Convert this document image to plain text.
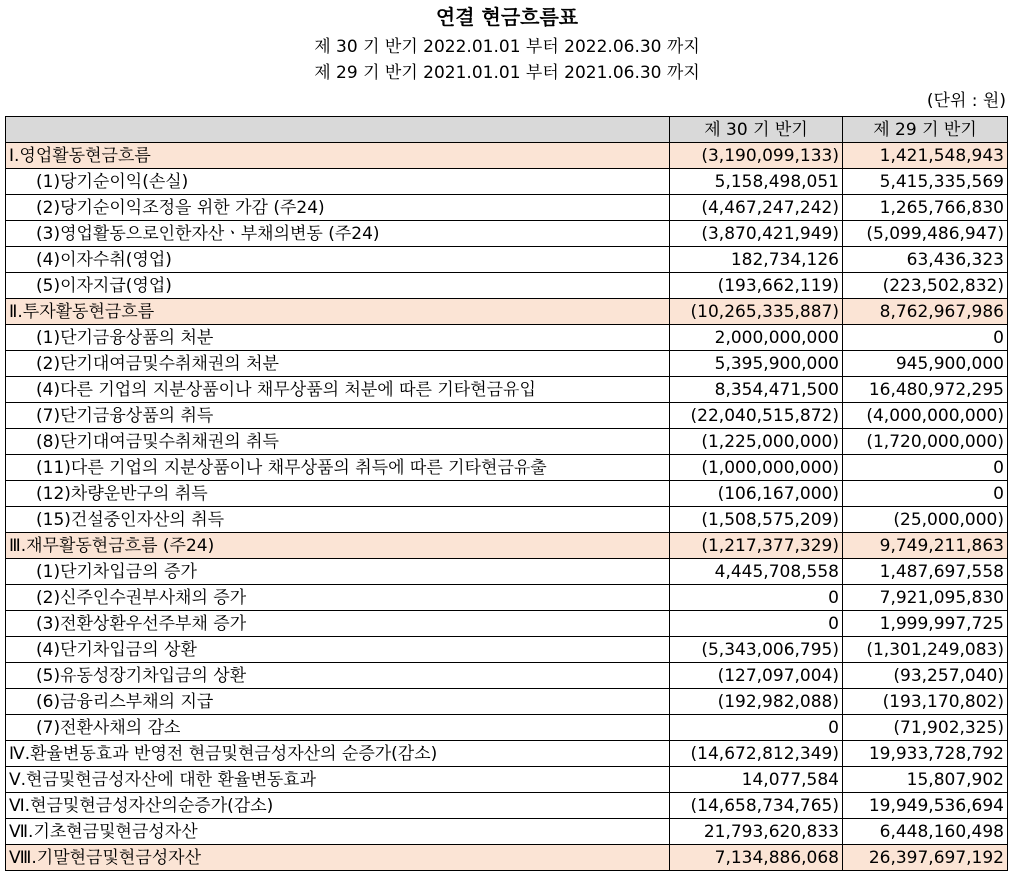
연결 현금흐름표
제 30 기 반기 2022.01.01 부터 2022.06.30 까지
제 29 기 반기 2021.01.01 부터 2021.06.30 까지
(단위 : 원)
	제 30 기 반기	제 29 기 반기
Ⅰ.영업활동현금흐름	(3,190,099,133)	1,421,548,943
(1)당기순이익(손실)	5,158,498,051	5,415,335,569
(2)당기순이익조정을 위한 가감 (주24)	(4,467,247,242)	1,265,766,830
(3)영업활동으로인한자산ㆍ부채의변동 (주24)	(3,870,421,949)	(5,099,486,947)
(4)이자수취(영업)	182,734,126	63,436,323
(5)이자지급(영업)	(193,662,119)	(223,502,832)
Ⅱ.투자활동현금흐름	(10,265,335,887)	8,762,967,986
(1)단기금융상품의 처분	2,000,000,000	0
(2)단기대여금및수취채권의 처분	5,395,900,000	945,900,000
(4)다른 기업의 지분상품이나 채무상품의 처분에 따른 기타현금유입	8,354,471,500	16,480,972,295
(7)단기금융상품의 취득	(22,040,515,872)	(4,000,000,000)
(8)단기대여금및수취채권의 취득	(1,225,000,000)	(1,720,000,000)
(11)다른 기업의 지분상품이나 채무상품의 취득에 따른 기타현금유출	(1,000,000,000)	0
(12)차량운반구의 취득	(106,167,000)	0
(15)건설중인자산의 취득	(1,508,575,209)	(25,000,000)
Ⅲ.재무활동현금흐름 (주24)	(1,217,377,329)	9,749,211,863
(1)단기차입금의 증가	4,445,708,558	1,487,697,558
(2)신주인수권부사채의 증가	0	7,921,095,830
(3)전환상환우선주부채 증가	0	1,999,997,725
(4)단기차입금의 상환	(5,343,006,795)	(1,301,249,083)
(5)유동성장기차입금의 상환	(127,097,004)	(93,257,040)
(6)금융리스부채의 지급	(192,982,088)	(193,170,802)
(7)전환사채의 감소	0	(71,902,325)
Ⅳ.환율변동효과 반영전 현금및현금성자산의 순증가(감소)	(14,672,812,349)	19,933,728,792
Ⅴ.현금및현금성자산에 대한 환율변동효과	14,077,584	15,807,902
Ⅵ.현금및현금성자산의순증가(감소)	(14,658,734,765)	19,949,536,694
Ⅶ.기초현금및현금성자산	21,793,620,833	6,448,160,498
Ⅷ.기말현금및현금성자산	7,134,886,068	26,397,697,192
